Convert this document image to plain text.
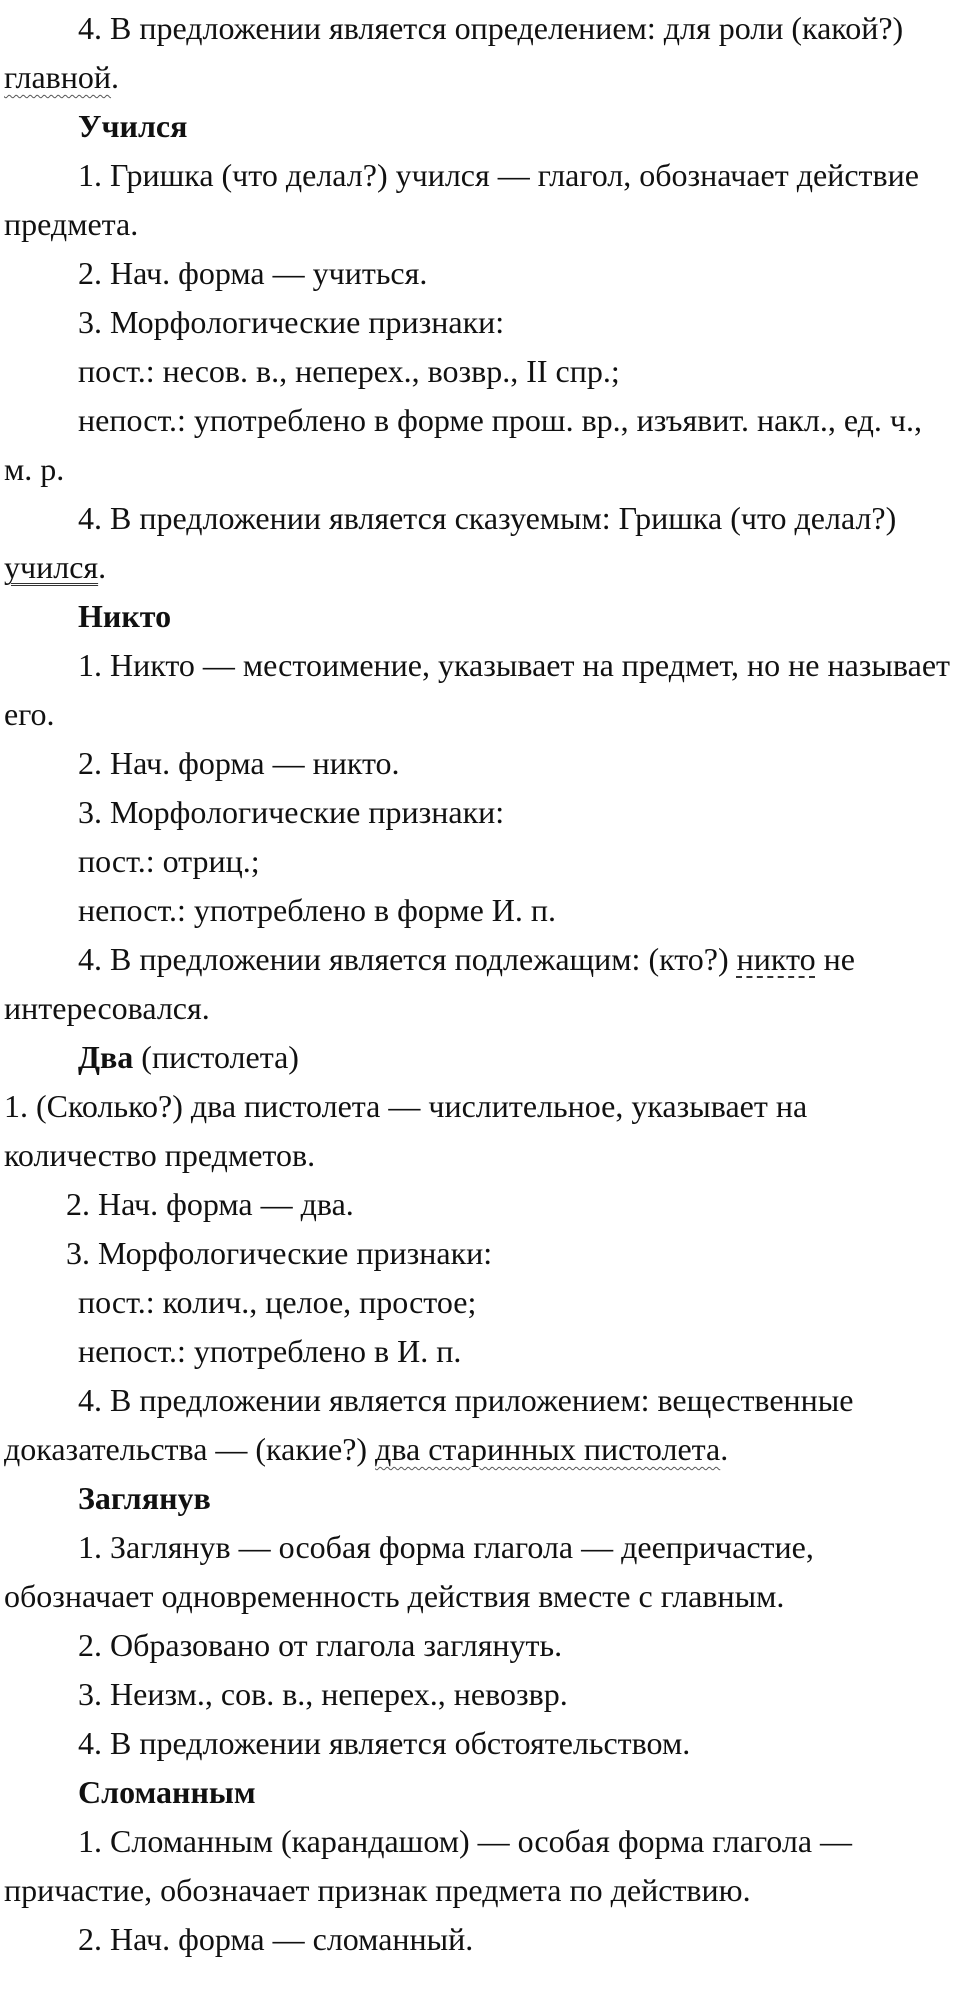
4. В предложении является определением: для роли (какой?) главной.

Учился

1. Гришка (что делал?) учился — глагол, обозначает действие предмета.

2. Нач. форма — учиться.

3. Морфологические признаки:

пост.: несов. в., неперех., возвр., II спр.;

непост.: употреблено в форме прош. вр., изъявит. накл., ед. ч., м. р.

4. В предложении является сказуемым: Гришка (что делал?) учился.

Никто

1. Никто — местоимение, указывает на предмет, но не называет его.

2. Нач. форма — никто.

3. Морфологические признаки:

пост.: отриц.;

непост.: употреблено в форме И. п.

4. В предложении является подлежащим: (кто?) никто не интересовался.

Два (пистолета)

1. (Сколько?) два пистолета — числительное, указывает на количество предметов.

2. Нач. форма — два.

3. Морфологические признаки:

пост.: колич., целое, простое;

непост.: употреблено в И. п.

4. В предложении является приложением: вещественные доказательства — (какие?) два старинных пистолета.

Заглянув

1. Заглянув — особая форма глагола — деепричастие, обозначает одновременность действия вместе с главным.

2. Образовано от глагола заглянуть.

3. Неизм., сов. в., неперех., невозвр.

4. В предложении является обстоятельством.

Сломанным

1. Сломанным (карандашом) — особая форма глагола — причастие, обозначает признак предмета по действию.

2. Нач. форма — сломанный.
